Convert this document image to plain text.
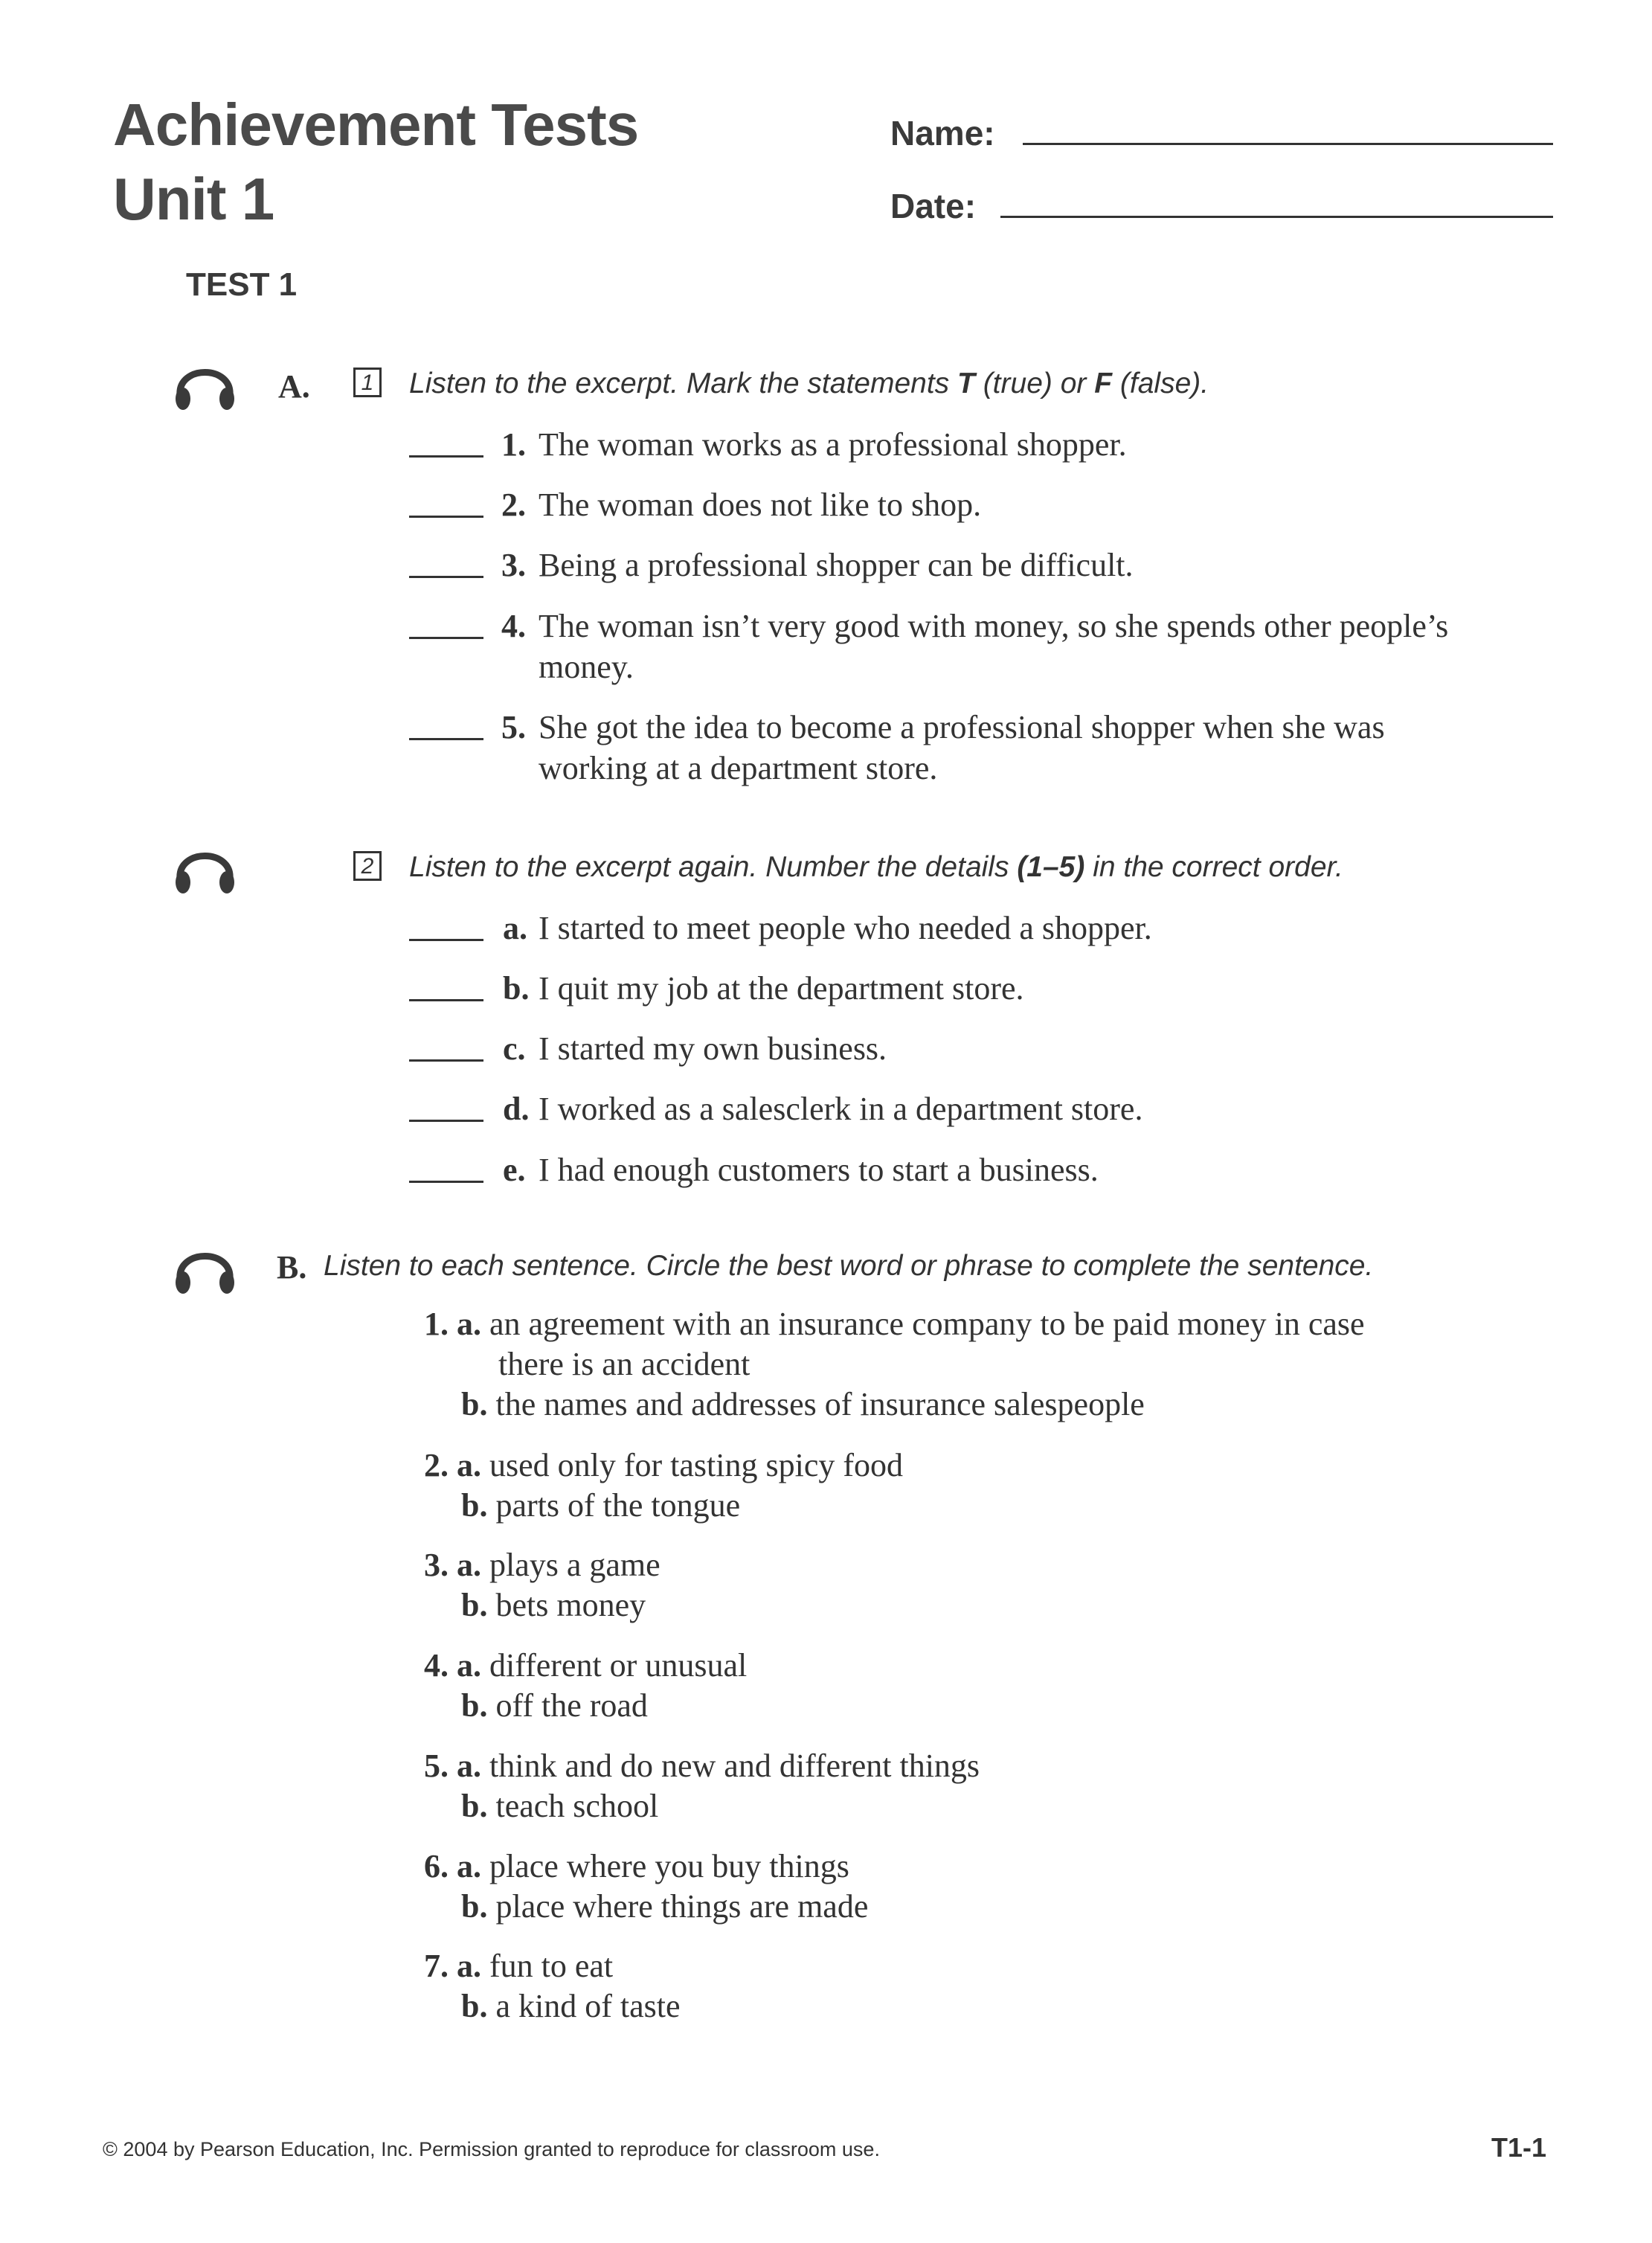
Achievement Tests
Unit 1
Name:
Date:
TEST 1
A.	1 Listen to the excerpt. Mark the statements T (true) or F (false).
1. The woman works as a professional shopper.
2. The woman does not like to shop.
3. Being a professional shopper can be difficult.
4. The woman isn’t very good with money, so she spends other people’s
money.
5. She got the idea to become a professional shopper when she was
working at a department store.
2 Listen to the excerpt again. Number the details (1–5) in the correct order.
a. I started to meet people who needed a shopper.
b. I quit my job at the department store.
c. I started my own business.
d. I worked as a salesclerk in a department store.
e. I had enough customers to start a business.
B. Listen to each sentence. Circle the best word or phrase to complete the sentence.
1. a. an agreement with an insurance company to be paid money in case
there is an accident
b. the names and addresses of insurance salespeople
2. a. used only for tasting spicy food
b. parts of the tongue
3. a. plays a game
b. bets money
4. a. different or unusual
b. off the road
5. a. think and do new and different things
b. teach school
6. a. place where you buy things
b. place where things are made
7. a. fun to eat
b. a kind of taste
© 2004 by Pearson Education, Inc. Permission granted to reproduce for classroom use.	T1-1
